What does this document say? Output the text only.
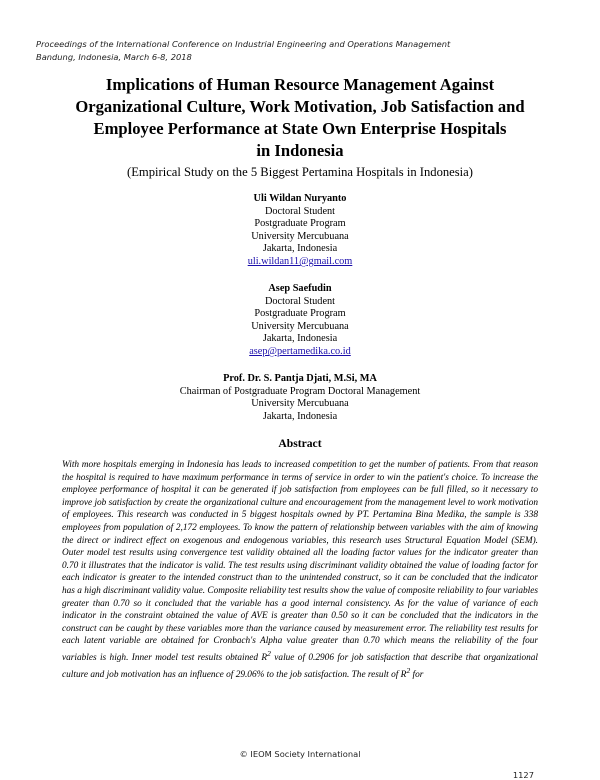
Proceedings of the International Conference on Industrial Engineering and Operations Management
Bandung, Indonesia, March 6-8, 2018
Implications of Human Resource Management Against
Organizational Culture, Work Motivation, Job Satisfaction and
Employee Performance at State Own Enterprise Hospitals
in Indonesia
(Empirical Study on the 5 Biggest Pertamina Hospitals in Indonesia)
Uli Wildan Nuryanto
Doctoral Student
Postgraduate Program
University Mercubuana
Jakarta, Indonesia
uli.wildan11@gmail.com
Asep Saefudin
Doctoral Student
Postgraduate Program
University Mercubuana
Jakarta, Indonesia
asep@pertamedika.co.id
Prof. Dr. S. Pantja Djati, M.Si, MA
Chairman of Postgraduate Program Doctoral Management
University Mercubuana
Jakarta, Indonesia
Abstract

With more hospitals emerging in Indonesia has leads to increased competition to get the number of patients. From that reason the hospital is required to have maximum performance in terms of service in order to win the patient's choice. To increase the employee performance of hospital it can be generated if job satisfaction from employees can be full filled, so it necessary to improve job satisfaction by create the organizational culture and encouragement from the management level to work motivation of employees. This research was conducted in 5 biggest hospitals owned by PT. Pertamina Bina Medika, the sample is 338 employees from population of 2,172 employees. To know the pattern of relationship between variables with the aim of knowing the direct or indirect effect on exogenous and endogenous variables, this research uses Structural Equation Model (SEM). Outer model test results using convergence test validity obtained all the loading factor values for the indicator greater than 0.70 it illustrates that the indicator is valid. The test results using discriminant validity obtained the value of loading factor for each indicator is greater to the intended construct than to the unintended construct, so it can be concluded that the indicator has a high discriminant validity value. Composite reliability test results show the value of composite reliability to four variables greater than 0.70 so it concluded that the variable has a good internal consistency. As for the value of variance of each indicator in the constraint obtained the value of AVE is greater than 0.50 so it can be concluded that the indicators in the construct can be caught by these variables more than the variance caused by measurement error. The reliability test results for each latent variable are obtained for Cronbach's Alpha value greater than 0.70 which means the reliability of the four variables is high. Inner model test results obtained $R^2$ value of 0.2906 for job satisfaction that describe that organizational culture and job motivation has an influence of 29.06% to the job satisfaction. The result of $R^2$ for

© IEOM Society International
1127
